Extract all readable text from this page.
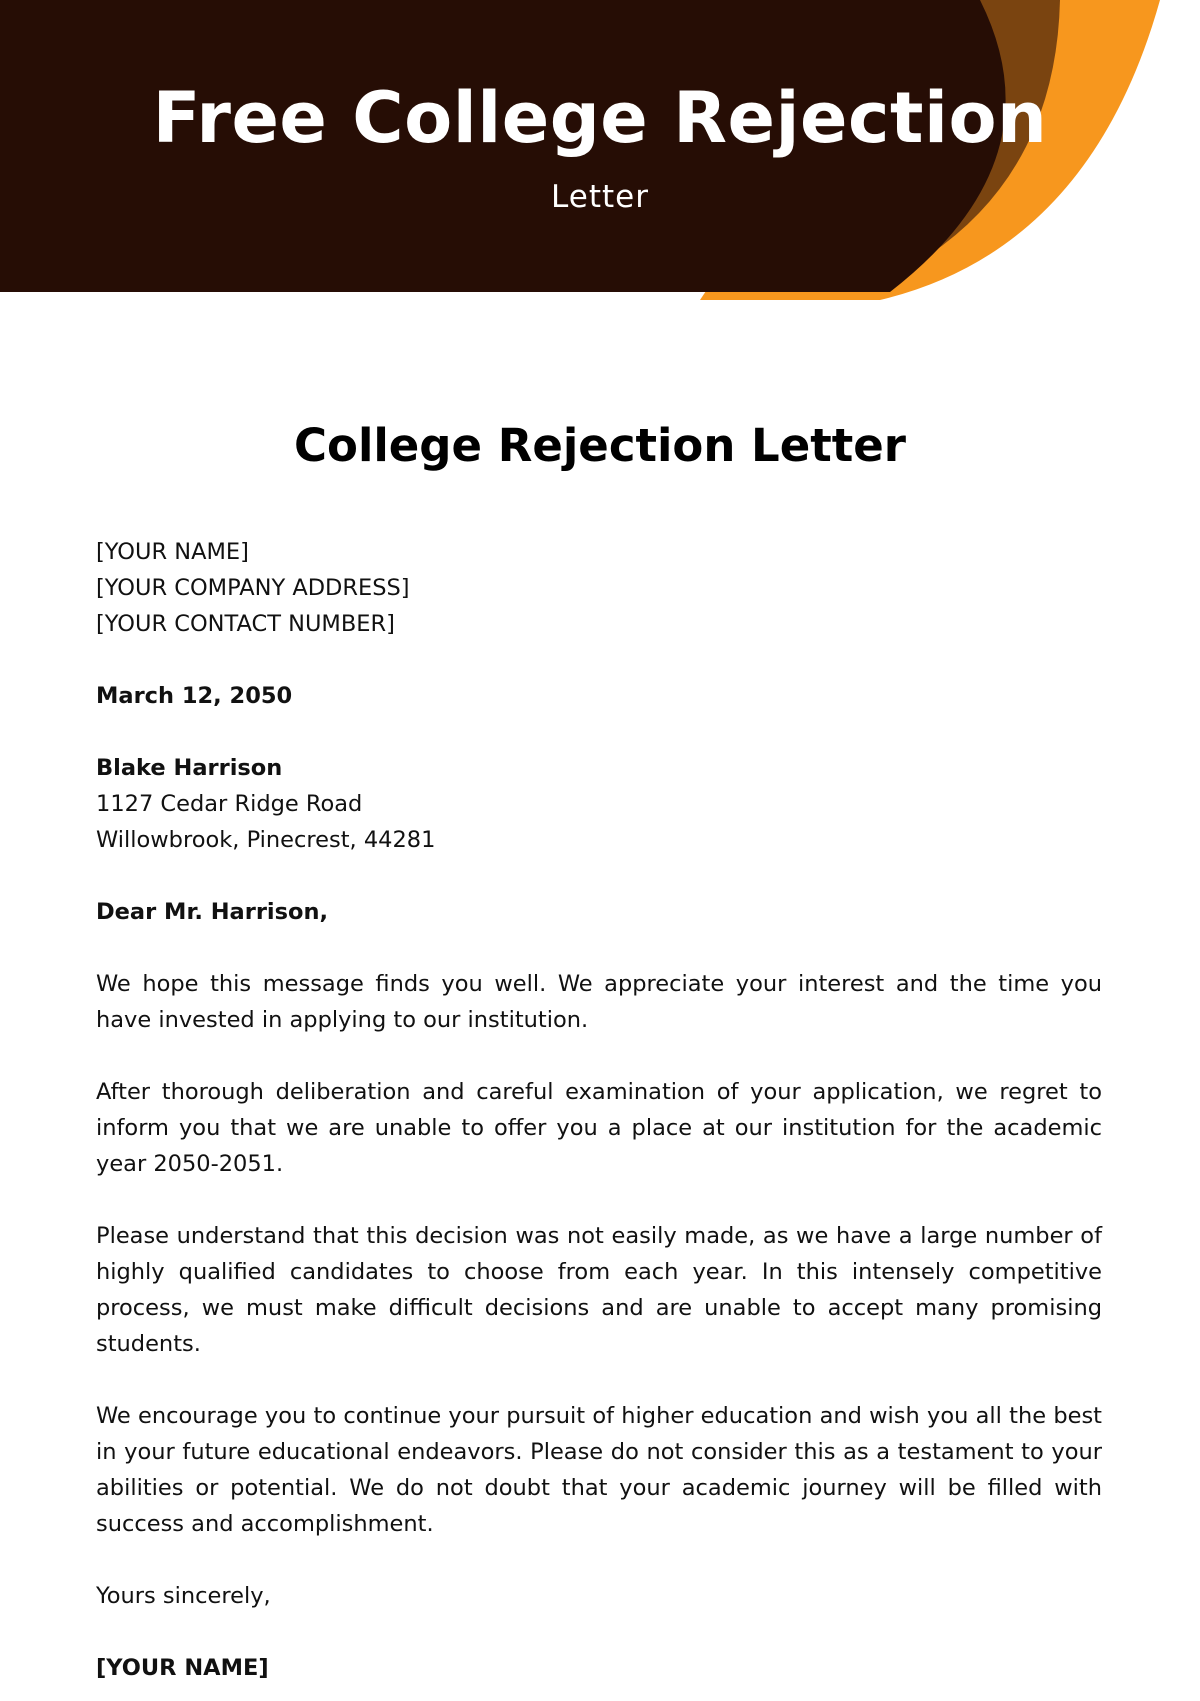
Free College Rejection
Letter
College Rejection Letter
[YOUR NAME]
[YOUR COMPANY ADDRESS]
[YOUR CONTACT NUMBER]
March 12, 2050
Blake Harrison
1127 Cedar Ridge Road
Willowbrook, Pinecrest, 44281
Dear Mr. Harrison,

We hope this message finds you well. We appreciate your interest and the time you have invested in applying to our institution.

After thorough deliberation and careful examination of your application, we regret to inform you that we are unable to offer you a place at our institution for the academic year 2050-2051.

Please understand that this decision was not easily made, as we have a large number of highly qualified candidates to choose from each year. In this intensely competitive process, we must make difficult decisions and are unable to accept many promising students.

We encourage you to continue your pursuit of higher education and wish you all the best in your future educational endeavors. Please do not consider this as a testament to your abilities or potential. We do not doubt that your academic journey will be filled with success and accomplishment.

Yours sincerely,
[YOUR NAME]
